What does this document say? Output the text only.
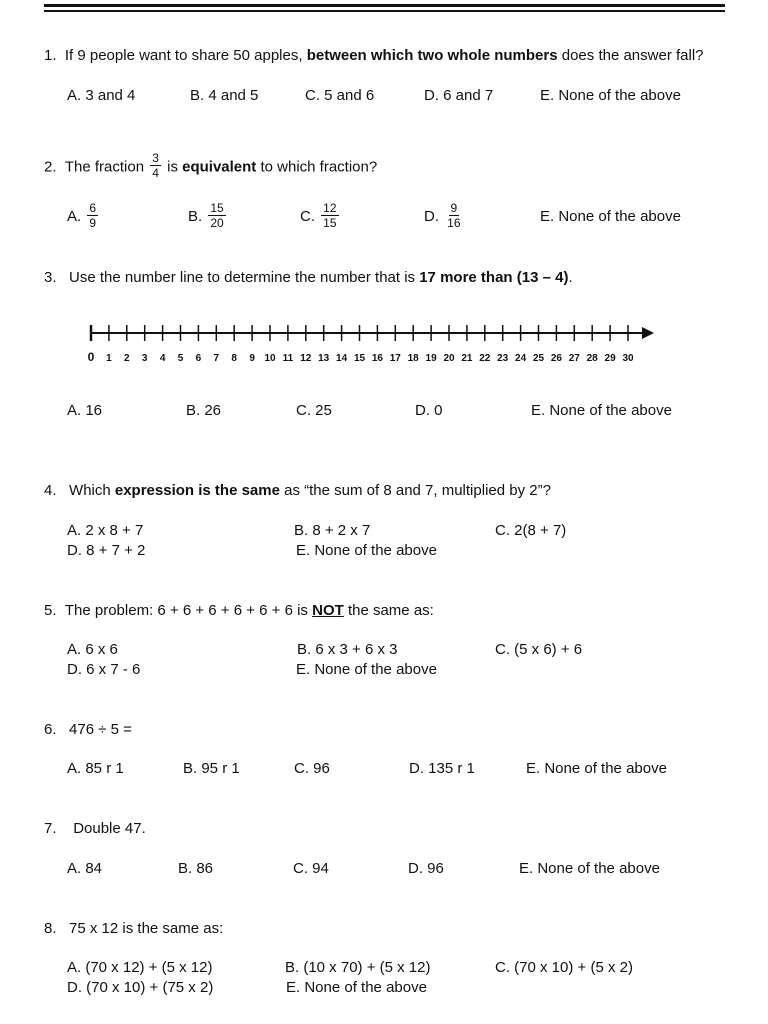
1. If 9 people want to share 50 apples, between which two whole numbers does the answer fall?
A. 3 and 4	B. 4 and 5	C. 5 and 6	D. 6 and 7	E. None of the above
2. The fraction $\frac{3}{4}$ is equivalent to which fraction?
A. $\frac{6}{9}$	B. $\frac{15}{20}$	C. $\frac{12}{15}$	D. $\frac{9}{16}$	E. None of the above
3. Use the number line to determine the number that is 17 more than (13 – 4).
0 1 2 3 4 5 6 7 8 9 10 11 12 13 14 15 16 17 18 19 20 21 22 23 24 25 26 27 28 29 30
A. 16	B. 26	C. 25	D. 0	E. None of the above
4. Which expression is the same as “the sum of 8 and 7, multiplied by 2”?
A. 2 x 8 + 7	B. 8 + 2 x 7	C. 2(8 + 7)
D. 8 + 7 + 2	E. None of the above
5. The problem: 6 + 6 + 6 + 6 + 6 + 6 is NOT the same as:
A. 6 x 6	B. 6 x 3 + 6 x 3	C. (5 x 6) + 6
D. 6 x 7 - 6	E. None of the above
6. 476 ÷ 5 =
A. 85 r 1	B. 95 r 1	C. 96	D. 135 r 1	E. None of the above
7. Double 47.
A. 84	B. 86	C. 94	D. 96	E. None of the above
8. 75 x 12 is the same as:
A. (70 x 12) + (5 x 12)	B. (10 x 70) + (5 x 12)	C. (70 x 10) + (5 x 2)
D. (70 x 10) + (75 x 2)	E. None of the above
